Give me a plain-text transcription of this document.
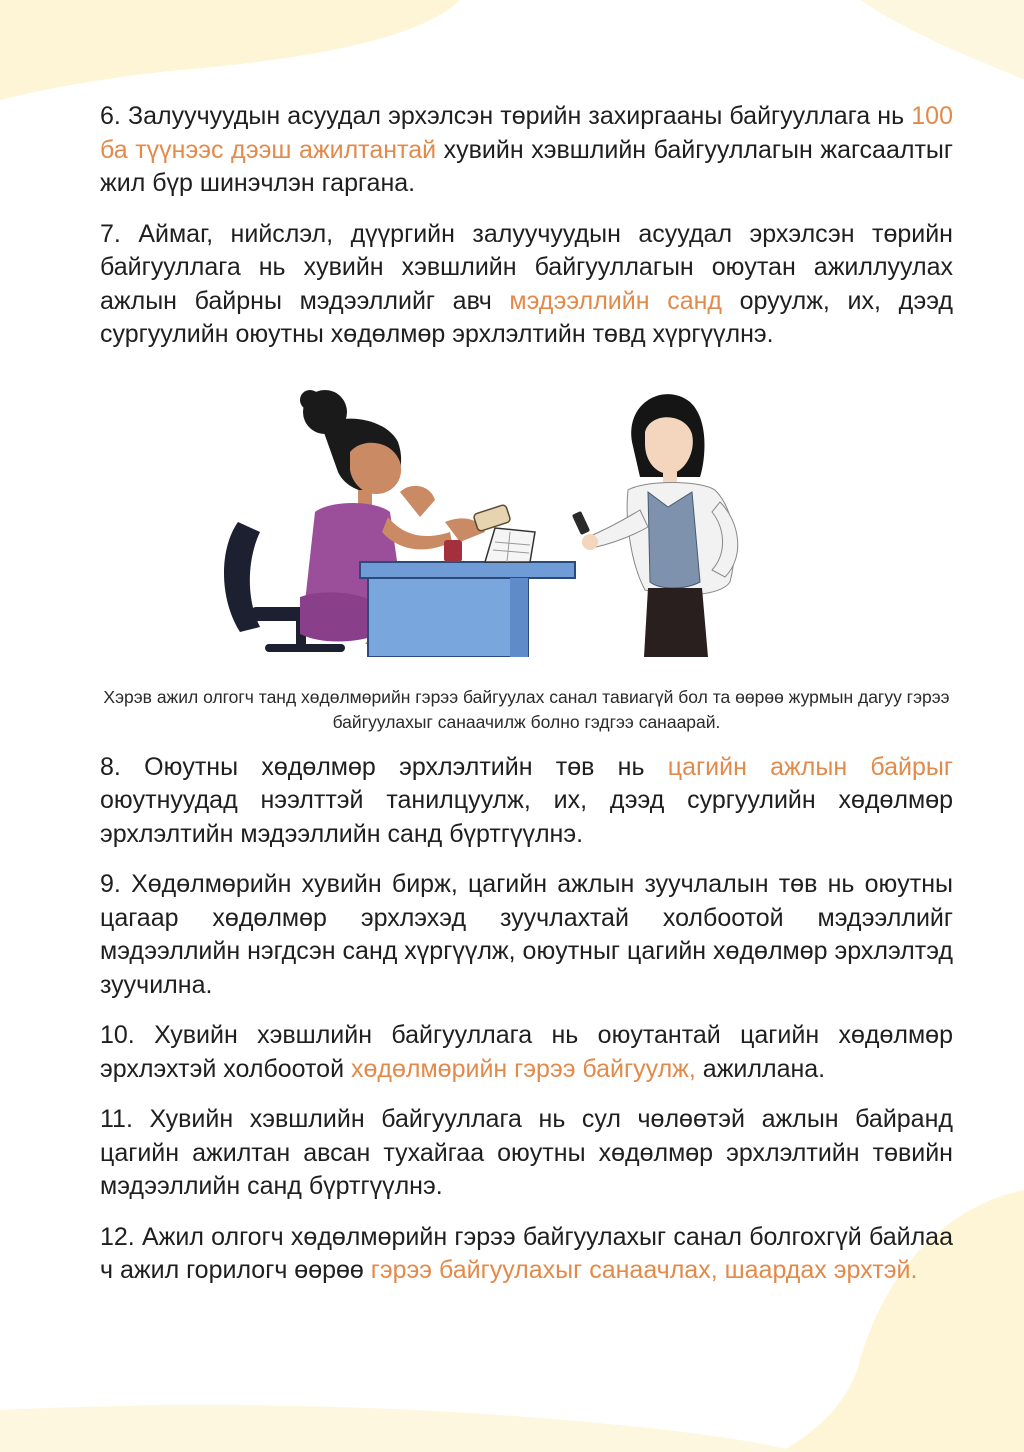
6. Залуучуудын асуудал эрхэлсэн төрийн захиргааны байгууллага нь 100 ба түүнээс дээш ажилтантай хувийн хэвшлийн байгууллагын жагсаалтыг жил бүр шинэчлэн гаргана.

7. Аймаг, нийслэл, дүүргийн залуучуудын асуудал эрхэлсэн төрийн байгууллага нь хувийн хэвшлийн байгууллагын оюутан ажиллуулах ажлын байрны мэдээллийг авч мэдээллийн санд оруулж, их, дээд сургуулийн оюутны хөдөлмөр эрхлэлтийн төвд хүргүүлнэ.

Хэрэв ажил олгогч танд хөдөлмөрийн гэрээ байгуулах санал тавиагүй бол та өөрөө журмын дагуу гэрээ байгуулахыг санаачилж болно гэдгээ санаарай.

8. Оюутны хөдөлмөр эрхлэлтийн төв нь цагийн ажлын байрыг оюутнуудад нээлттэй танилцуулж, их, дээд сургуулийн хөдөлмөр эрхлэлтийн мэдээллийн санд бүртгүүлнэ.

9. Хөдөлмөрийн хувийн бирж, цагийн ажлын зуучлалын төв нь оюутны цагаар хөдөлмөр эрхлэхэд зуучлахтай холбоотой мэдээллийг мэдээллийн нэгдсэн санд хүргүүлж, оюутныг цагийн хөдөлмөр эрхлэлтэд зуучилна.

10. Хувийн хэвшлийн байгууллага нь оюутантай цагийн хөдөлмөр эрхлэхтэй холбоотой хөдөлмөрийн гэрээ байгуулж, ажиллана.

11. Хувийн хэвшлийн байгууллага нь сул чөлөөтэй ажлын байранд цагийн ажилтан авсан тухайгаа оюутны хөдөлмөр эрхлэлтийн төвийн мэдээллийн санд бүртгүүлнэ.

12. Ажил олгогч хөдөлмөрийн гэрээ байгуулахыг санал болгохгүй байлаа ч ажил горилогч өөрөө гэрээ байгуулахыг санаачлах, шаардах эрхтэй.
